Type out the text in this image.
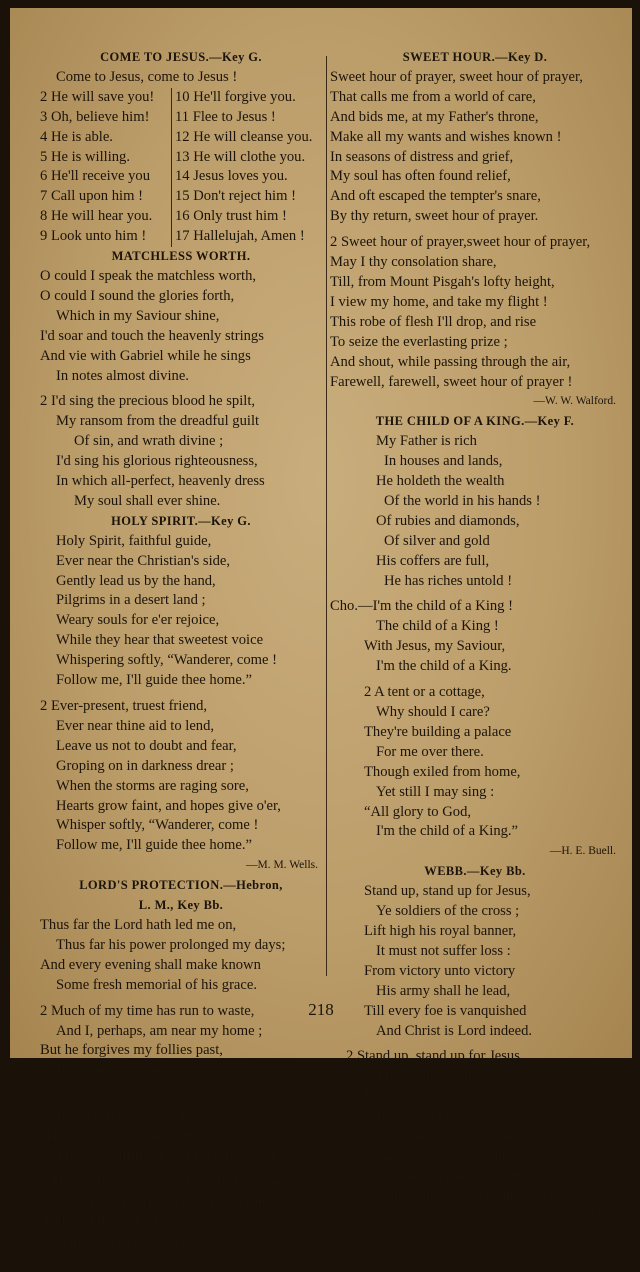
COME TO JESUS.—Key G.
Come to Jesus, come to Jesus !
2 He will save you!	10 He'll forgive you.
3 Oh, believe him!	11 Flee to Jesus !
4 He is able.	12 He will cleanse you.
5 He is willing.	13 He will clothe you.
6 He'll receive you	14 Jesus loves you.
7 Call upon him !	15 Don't reject him !
8 He will hear you.	16 Only trust him !
9 Look unto him !	17 Hallelujah, Amen !
MATCHLESS WORTH.
O could I speak the matchless worth,
O could I sound the glories forth,
Which in my Saviour shine,
I'd soar and touch the heavenly strings
And vie with Gabriel while he sings
In notes almost divine.
2 I'd sing the precious blood he spilt,
My ransom from the dreadful guilt
Of sin, and wrath divine ;
I'd sing his glorious righteousness,
In which all-perfect, heavenly dress
My soul shall ever shine.
HOLY SPIRIT.—Key G.
Holy Spirit, faithful guide,
Ever near the Christian's side,
Gently lead us by the hand,
Pilgrims in a desert land ;
Weary souls for e'er rejoice,
While they hear that sweetest voice
Whispering softly, “Wanderer, come !
Follow me, I'll guide thee home.”
2 Ever-present, truest friend,
Ever near thine aid to lend,
Leave us not to doubt and fear,
Groping on in darkness drear ;
When the storms are raging sore,
Hearts grow faint, and hopes give o'er,
Whisper softly, “Wanderer, come !
Follow me, I'll guide thee home.”
—M. M. Wells.
LORD'S PROTECTION.—Hebron,
L. M., Key Bb.
Thus far the Lord hath led me on,
Thus far his power prolonged my days;
And every evening shall make known
Some fresh memorial of his grace.
2 Much of my time has run to waste,
And I, perhaps, am near my home ;
But he forgives my follies past,
He gives me strength for days to come.
3 I lay my body down to sleep ;
Peace is the pillow for my head,
While well appointed angels keep
Their watchful stations round my bed.
4 Thus, when the night of death shall come,
My flesh shall rest beneath the ground,
And wait thy voice to break my tomb,
With sweet salvation in the sound.
—Isaac Watts.
SWEET HOUR.—Key D.
Sweet hour of prayer, sweet hour of prayer,
That calls me from a world of care,
And bids me, at my Father's throne,
Make all my wants and wishes known !
In seasons of distress and grief,
My soul has often found relief,
And oft escaped the tempter's snare,
By thy return, sweet hour of prayer.
2 Sweet hour of prayer,sweet hour of prayer,
May I thy consolation share,
Till, from Mount Pisgah's lofty height,
I view my home, and take my flight !
This robe of flesh I'll drop, and rise
To seize the everlasting prize ;
And shout, while passing through the air,
Farewell, farewell, sweet hour of prayer !
—W. W. Walford.
THE CHILD OF A KING.—Key F.
My Father is rich
In houses and lands,
He holdeth the wealth
Of the world in his hands !
Of rubies and diamonds,
Of silver and gold
His coffers are full,
He has riches untold !
Cho.—I'm the child of a King !
The child of a King !
With Jesus, my Saviour,
I'm the child of a King.
2 A tent or a cottage,
Why should I care?
They're building a palace
For me over there.
Though exiled from home,
Yet still I may sing :
“All glory to God,
I'm the child of a King.”
—H. E. Buell.
WEBB.—Key Bb.
Stand up, stand up for Jesus,
Ye soldiers of the cross ;
Lift high his royal banner,
It must not suffer loss :
From victory unto victory
His army shall he lead,
Till every foe is vanquished
And Christ is Lord indeed.
2 Stand up, stand up for Jesus,
The trumpet call obey ;
Forth to the mighty conflict,
In this his glorious day :
“Ye that are men, now serve him,”
Against unnumbered foes ;
Your courage rise with danger,
And strength to strength oppose.
—Geo. Duffield, Jr.
218
